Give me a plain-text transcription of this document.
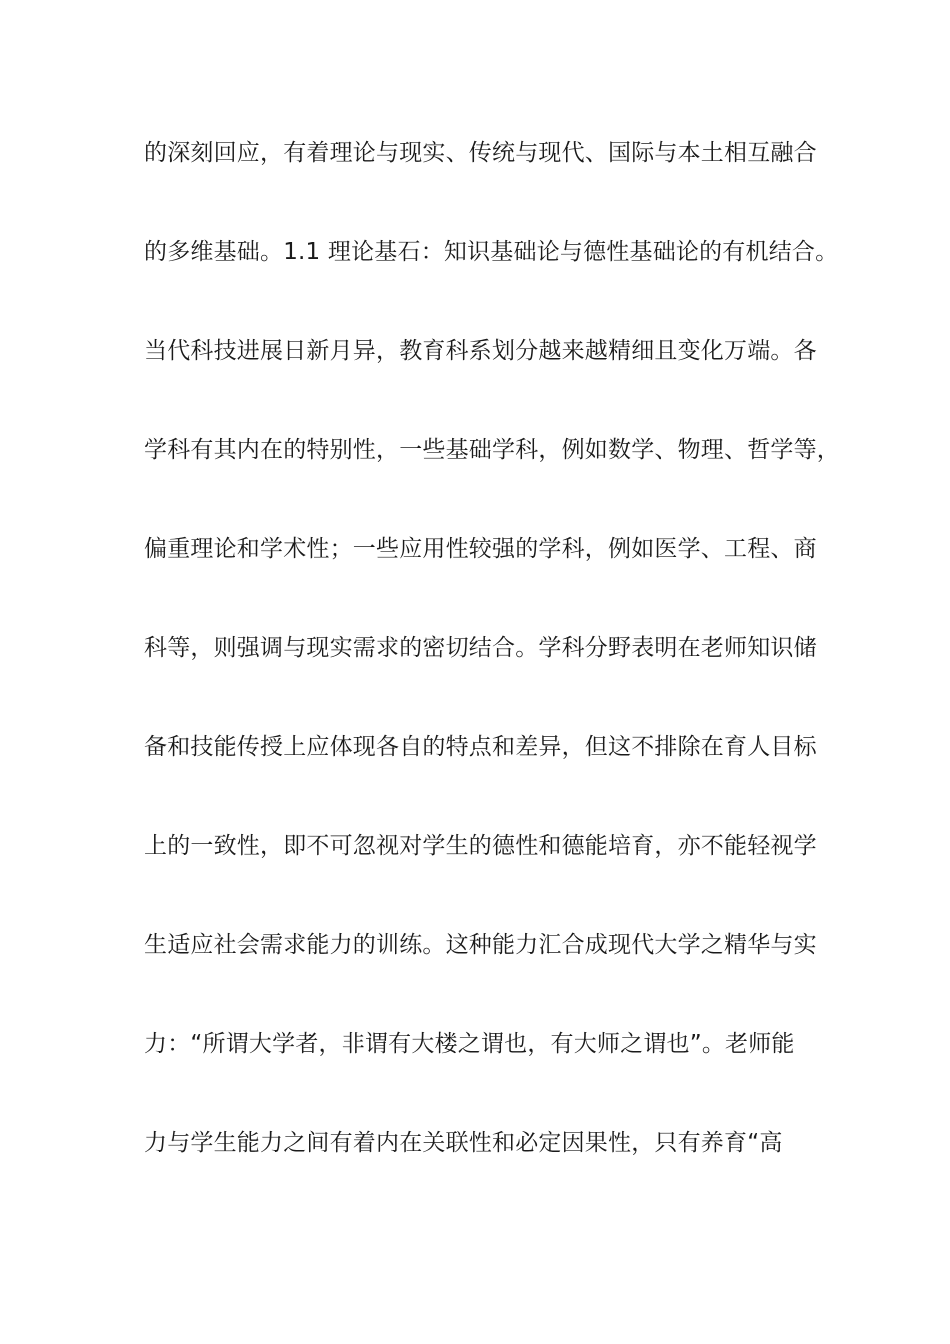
的深刻回应，有着理论与现实、传统与现代、国际与本土相互融合
的多维基础。1.1 理论基石：知识基础论与德性基础论的有机结合。
当代科技进展日新月异，教育科系划分越来越精细且变化万端。各
学科有其内在的特别性，一些基础学科，例如数学、物理、哲学等，
偏重理论和学术性；一些应用性较强的学科，例如医学、工程、商
科等，则强调与现实需求的密切结合。学科分野表明在老师知识储
备和技能传授上应体现各自的特点和差异，但这不排除在育人目标
上的一致性，即不可忽视对学生的德性和德能培育，亦不能轻视学
生适应社会需求能力的训练。这种能力汇合成现代大学之精华与实
力：“所谓大学者，非谓有大楼之谓也，有大师之谓也”。老师能
力与学生能力之间有着内在关联性和必定因果性，只有养育“高
